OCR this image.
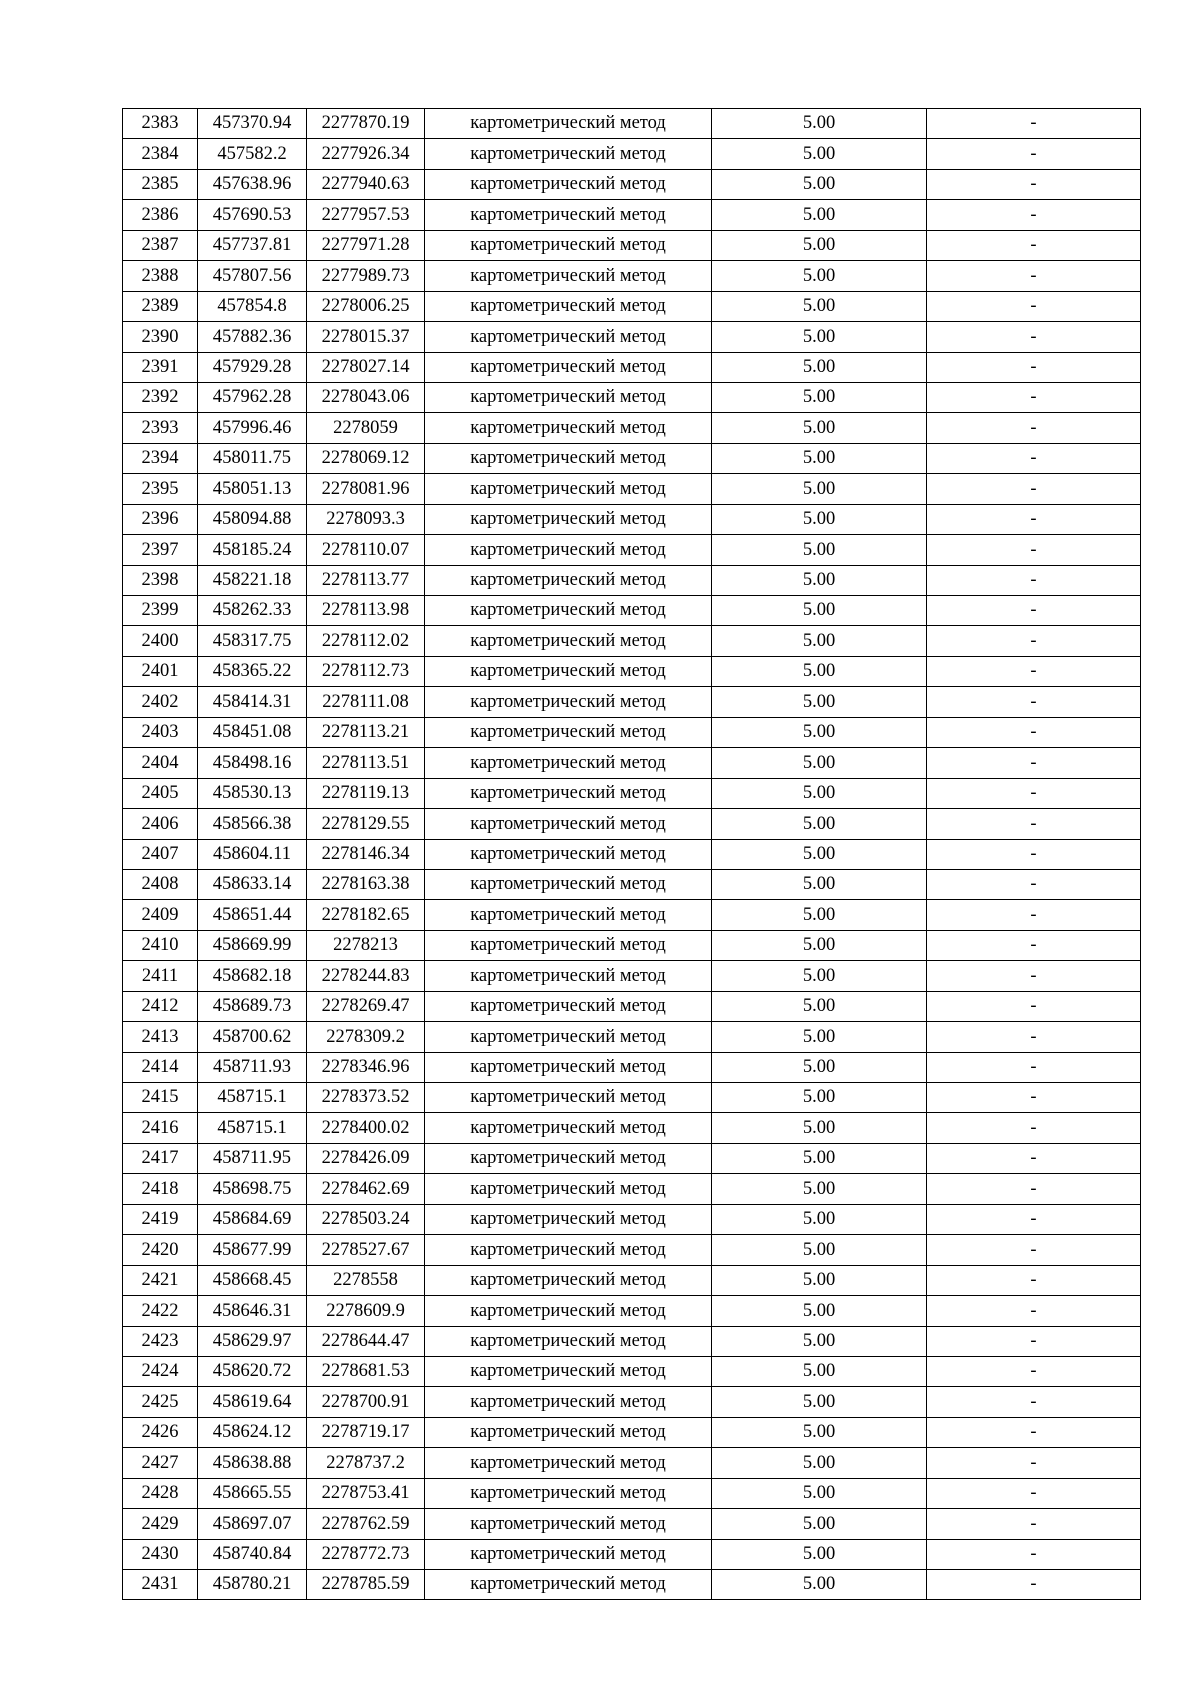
2383	457370.94	2277870.19	картометрический метод	5.00	-
2384	457582.2	2277926.34	картометрический метод	5.00	-
2385	457638.96	2277940.63	картометрический метод	5.00	-
2386	457690.53	2277957.53	картометрический метод	5.00	-
2387	457737.81	2277971.28	картометрический метод	5.00	-
2388	457807.56	2277989.73	картометрический метод	5.00	-
2389	457854.8	2278006.25	картометрический метод	5.00	-
2390	457882.36	2278015.37	картометрический метод	5.00	-
2391	457929.28	2278027.14	картометрический метод	5.00	-
2392	457962.28	2278043.06	картометрический метод	5.00	-
2393	457996.46	2278059	картометрический метод	5.00	-
2394	458011.75	2278069.12	картометрический метод	5.00	-
2395	458051.13	2278081.96	картометрический метод	5.00	-
2396	458094.88	2278093.3	картометрический метод	5.00	-
2397	458185.24	2278110.07	картометрический метод	5.00	-
2398	458221.18	2278113.77	картометрический метод	5.00	-
2399	458262.33	2278113.98	картометрический метод	5.00	-
2400	458317.75	2278112.02	картометрический метод	5.00	-
2401	458365.22	2278112.73	картометрический метод	5.00	-
2402	458414.31	2278111.08	картометрический метод	5.00	-
2403	458451.08	2278113.21	картометрический метод	5.00	-
2404	458498.16	2278113.51	картометрический метод	5.00	-
2405	458530.13	2278119.13	картометрический метод	5.00	-
2406	458566.38	2278129.55	картометрический метод	5.00	-
2407	458604.11	2278146.34	картометрический метод	5.00	-
2408	458633.14	2278163.38	картометрический метод	5.00	-
2409	458651.44	2278182.65	картометрический метод	5.00	-
2410	458669.99	2278213	картометрический метод	5.00	-
2411	458682.18	2278244.83	картометрический метод	5.00	-
2412	458689.73	2278269.47	картометрический метод	5.00	-
2413	458700.62	2278309.2	картометрический метод	5.00	-
2414	458711.93	2278346.96	картометрический метод	5.00	-
2415	458715.1	2278373.52	картометрический метод	5.00	-
2416	458715.1	2278400.02	картометрический метод	5.00	-
2417	458711.95	2278426.09	картометрический метод	5.00	-
2418	458698.75	2278462.69	картометрический метод	5.00	-
2419	458684.69	2278503.24	картометрический метод	5.00	-
2420	458677.99	2278527.67	картометрический метод	5.00	-
2421	458668.45	2278558	картометрический метод	5.00	-
2422	458646.31	2278609.9	картометрический метод	5.00	-
2423	458629.97	2278644.47	картометрический метод	5.00	-
2424	458620.72	2278681.53	картометрический метод	5.00	-
2425	458619.64	2278700.91	картометрический метод	5.00	-
2426	458624.12	2278719.17	картометрический метод	5.00	-
2427	458638.88	2278737.2	картометрический метод	5.00	-
2428	458665.55	2278753.41	картометрический метод	5.00	-
2429	458697.07	2278762.59	картометрический метод	5.00	-
2430	458740.84	2278772.73	картометрический метод	5.00	-
2431	458780.21	2278785.59	картометрический метод	5.00	-
